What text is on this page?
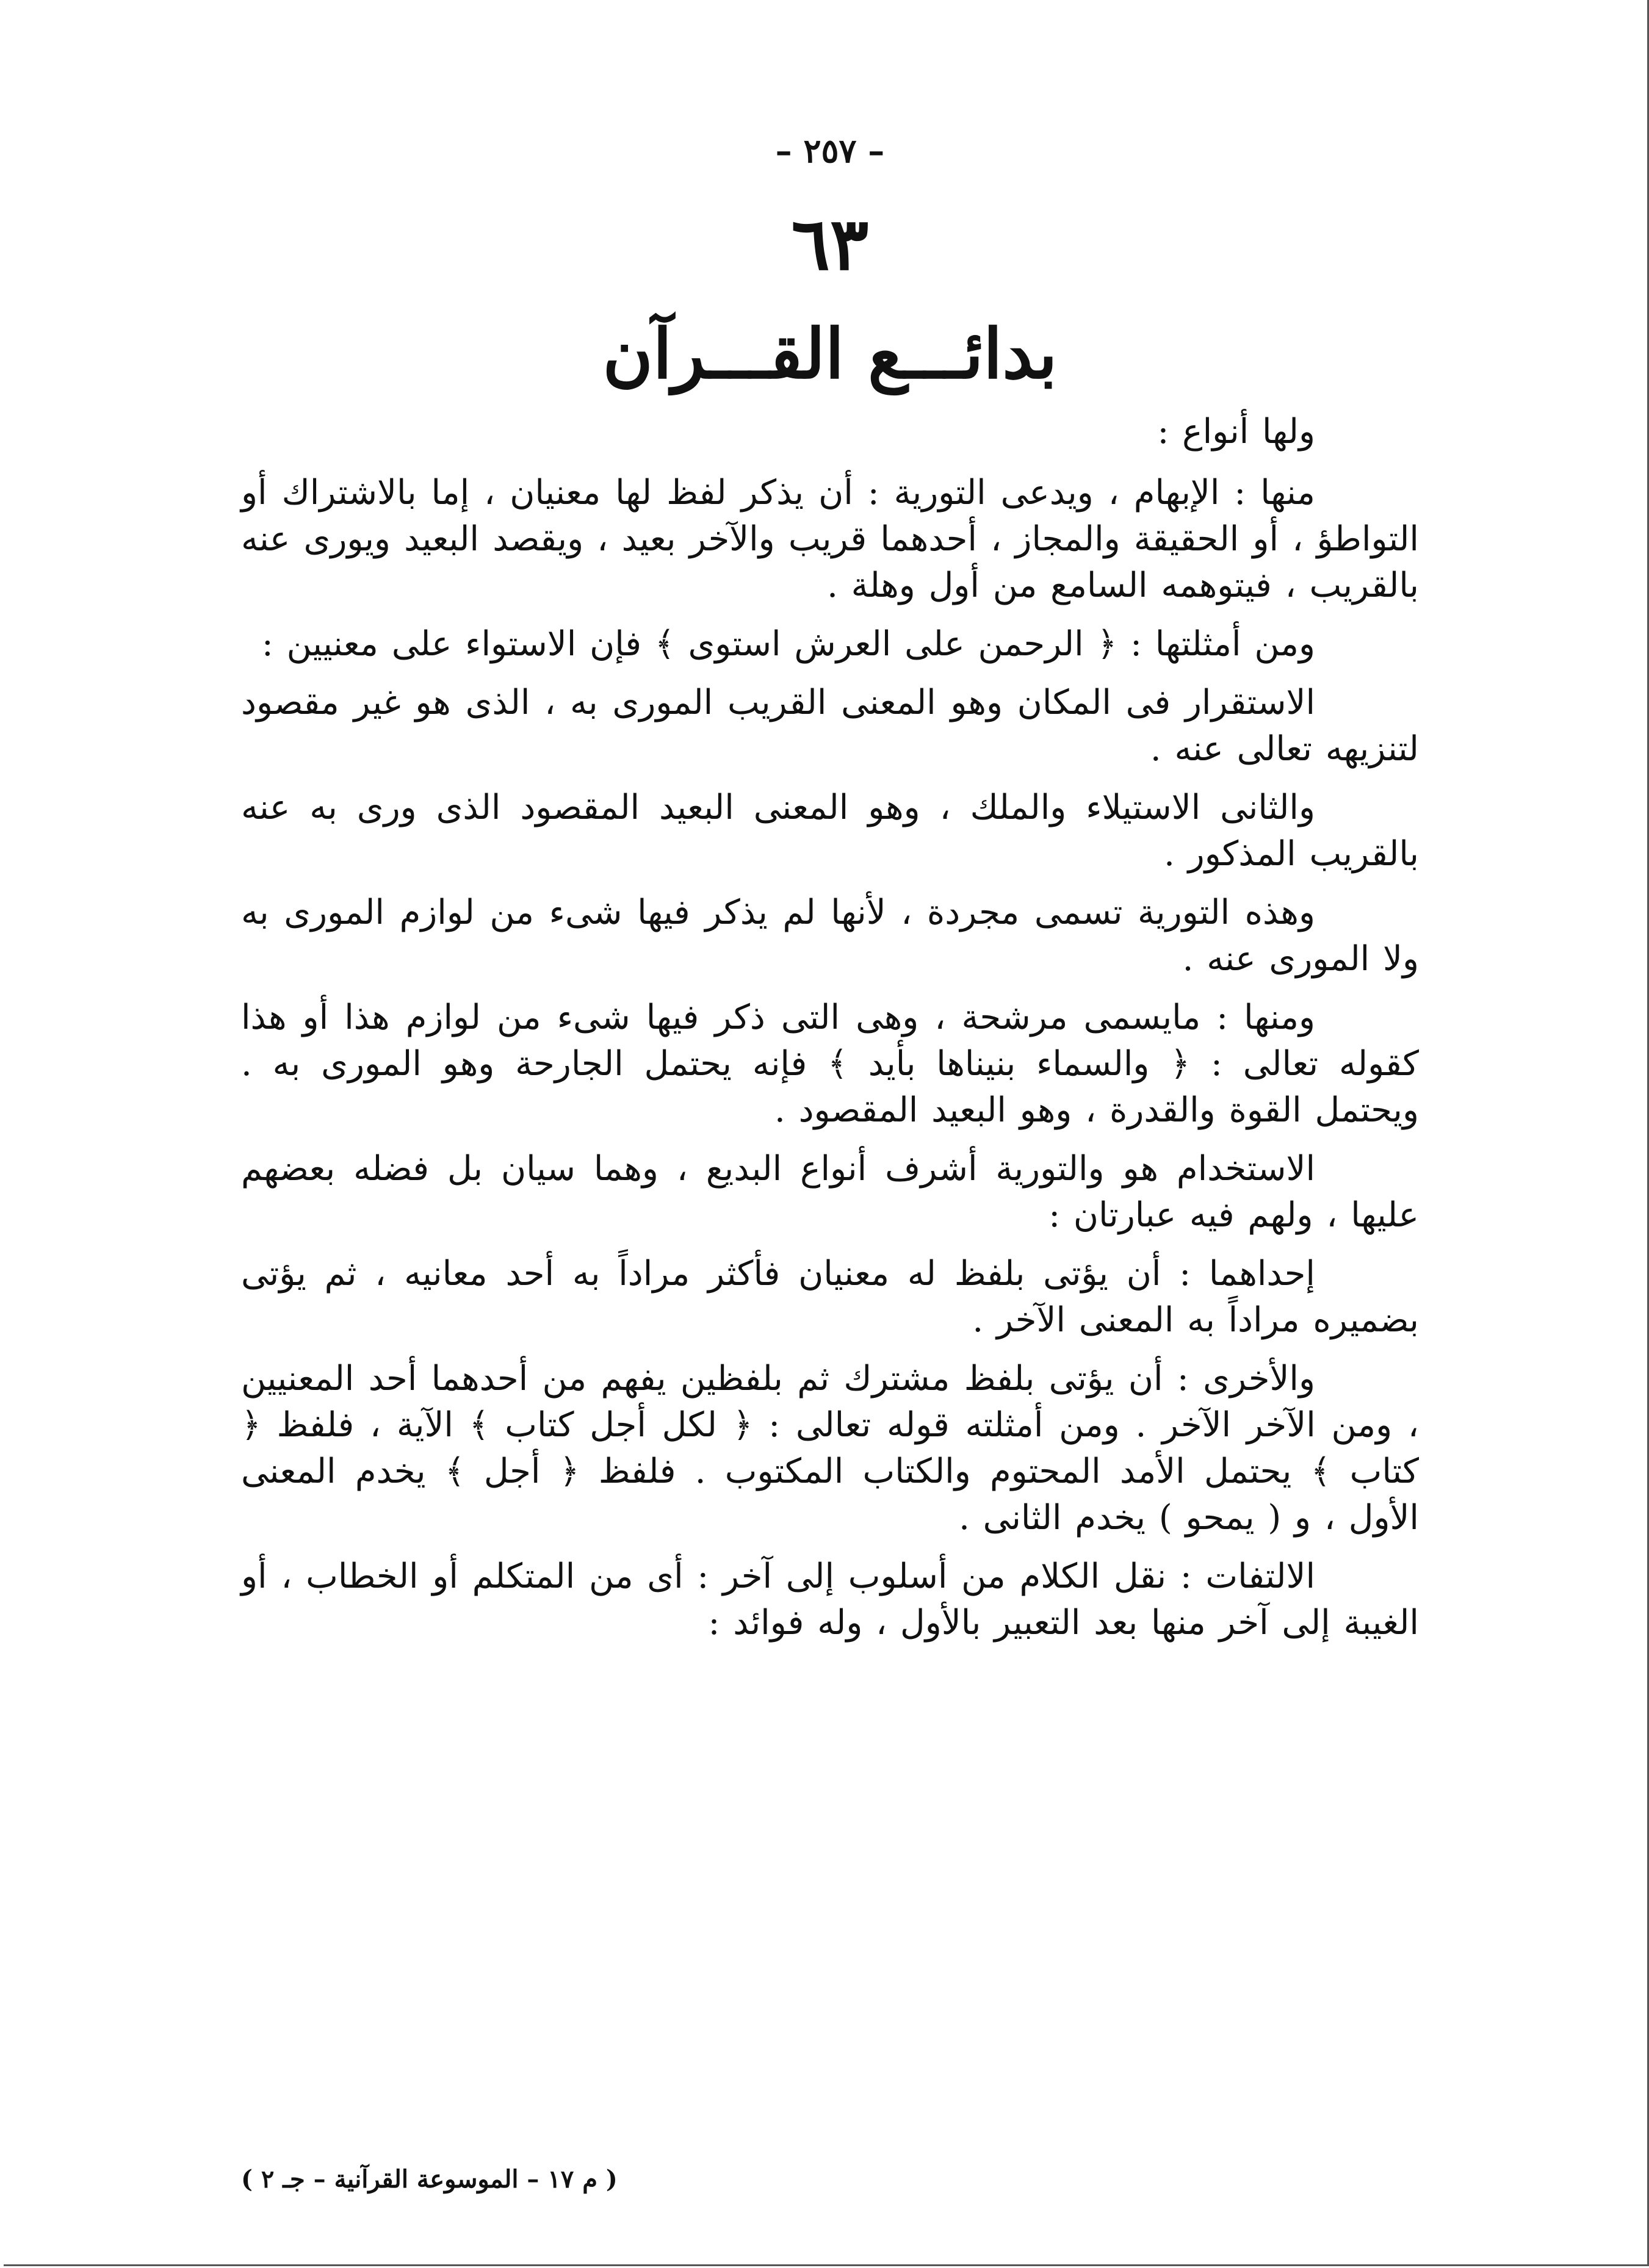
– ٢٥٧ –
٦٣
بدائـــع القـــرآن

ولها أنواع :

منها : الإبهام ، ويدعى التورية : أن يذكر لفظ لها معنيان ، إما بالاشتراك أو التواطؤ ، أو الحقيقة والمجاز ، أحدهما قريب والآخر بعيد ، ويقصد البعيد ويورى عنه بالقريب ، فيتوهمه السامع من أول وهلة .

ومن أمثلتها : ﴿ الرحمن على العرش استوى ﴾ فإن الاستواء على معنيين :

الاستقرار فى المكان وهو المعنى القريب المورى به ، الذى هو غير مقصود لتنزيهه تعالى عنه .

والثانى الاستيلاء والملك ، وهو المعنى البعيد المقصود الذى ورى به عنه بالقريب المذكور .

وهذه التورية تسمى مجردة ، لأنها لم يذكر فيها شىء من لوازم المورى به ولا المورى عنه .

ومنها : مايسمى مرشحة ، وهى التى ذكر فيها شىء من لوازم هذا أو هذا كقوله تعالى : ﴿ والسماء بنيناها بأيد ﴾ فإنه يحتمل الجارحة وهو المورى به . ويحتمل القوة والقدرة ، وهو البعيد المقصود .

الاستخدام هو والتورية أشرف أنواع البديع ، وهما سيان بل فضله بعضهم عليها ، ولهم فيه عبارتان :

إحداهما : أن يؤتى بلفظ له معنيان فأكثر مراداً به أحد معانيه ، ثم يؤتى بضميره مراداً به المعنى الآخر .

والأخرى : أن يؤتى بلفظ مشترك ثم بلفظين يفهم من أحدهما أحد المعنيين ، ومن الآخر الآخر . ومن أمثلته قوله تعالى : ﴿ لكل أجل كتاب ﴾ الآية ، فلفظ ﴿ كتاب ﴾ يحتمل الأمد المحتوم والكتاب المكتوب . فلفظ ﴿ أجل ﴾ يخدم المعنى الأول ، و ( يمحو ) يخدم الثانى .

الالتفات : نقل الكلام من أسلوب إلى آخر : أى من المتكلم أو الخطاب ، أو الغيبة إلى آخر منها بعد التعبير بالأول ، وله فوائد :

( م ١٧ – الموسوعة القرآنية – جـ ٢ )
